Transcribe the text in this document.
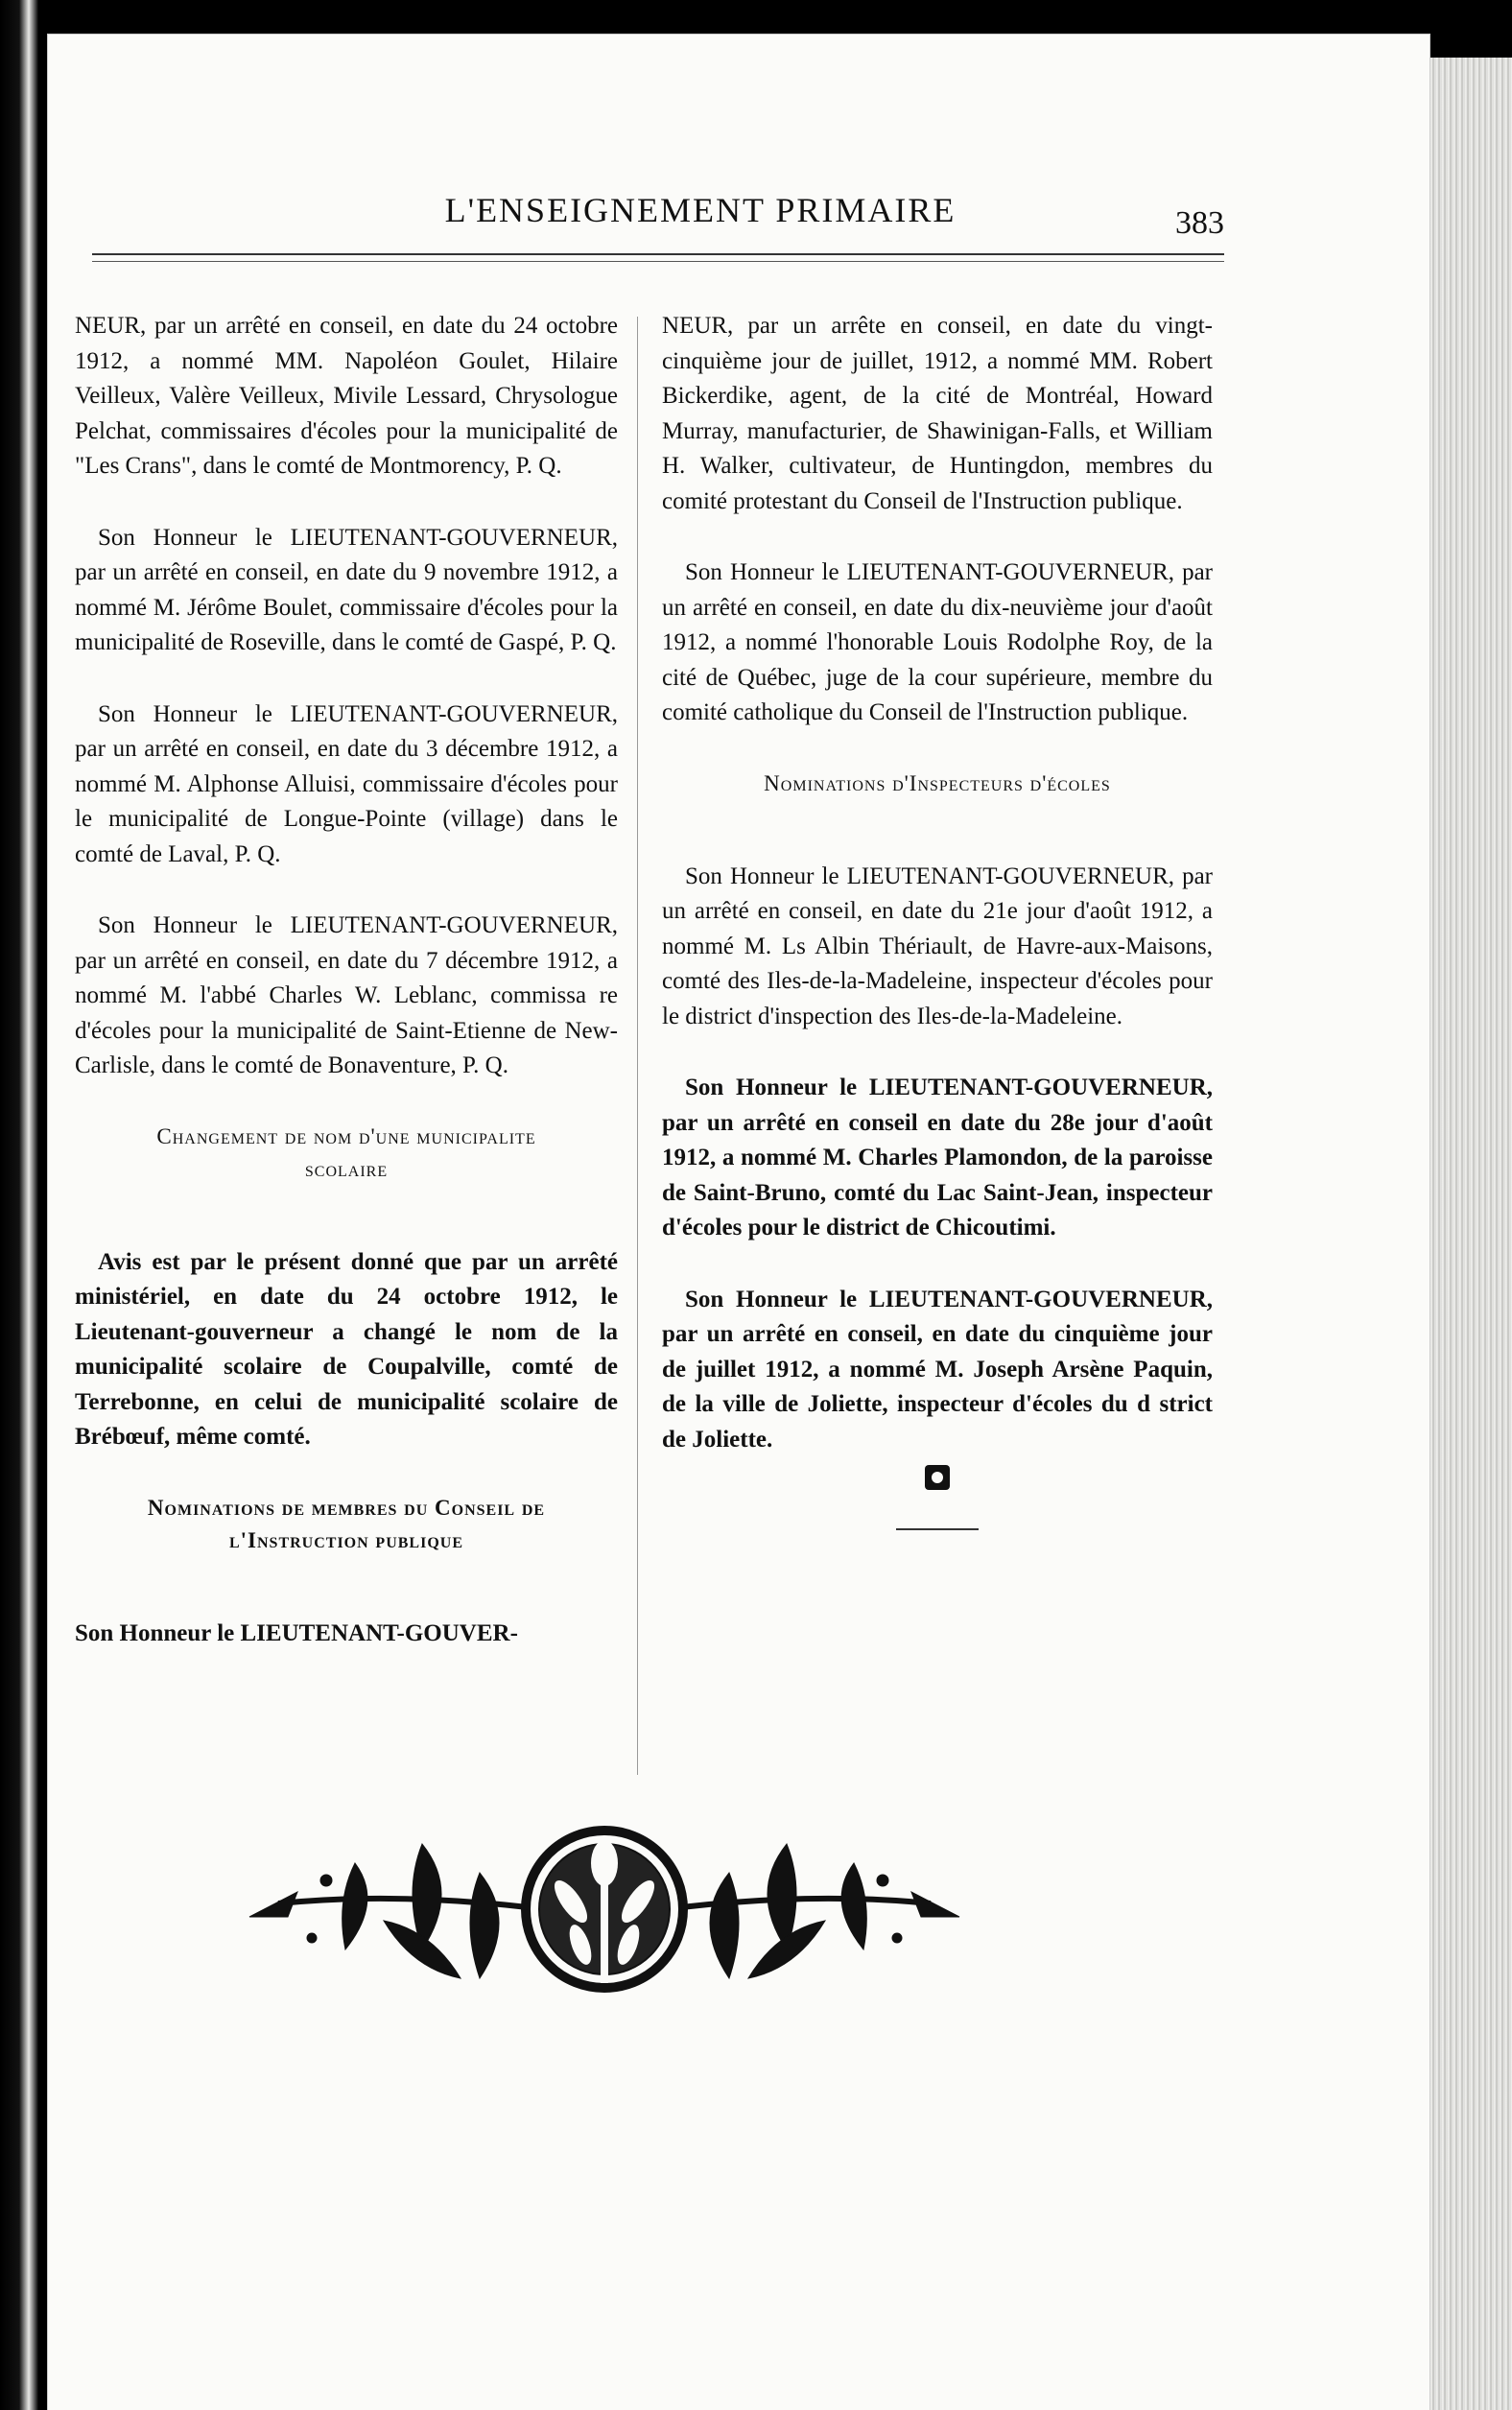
L'ENSEIGNEMENT PRIMAIRE	383

NEUR, par un arrêté en conseil, en date du 24 octobre 1912, a nommé MM. Napoléon Goulet, Hilaire Veilleux, Valère Veilleux, Mivile Lessard, Chrysologue Pelchat, commissaires d'écoles pour la municipalité de "Les Crans", dans le comté de Montmorency, P. Q.

Son Honneur le LIEUTENANT-GOUVERNEUR, par un arrêté en conseil, en date du 9 novembre 1912, a nommé M. Jérôme Boulet, commissaire d'écoles pour la municipalité de Roseville, dans le comté de Gaspé, P. Q.

Son Honneur le LIEUTENANT-GOUVERNEUR, par un arrêté en conseil, en date du 3 décembre 1912, a nommé M. Alphonse Alluisi, commissaire d'écoles pour le municipalité de Longue-Pointe (village) dans le comté de Laval, P. Q.

Son Honneur le LIEUTENANT-GOUVERNEUR, par un arrêté en conseil, en date du 7 décembre 1912, a nommé M. l'abbé Charles W. Leblanc, commissa re d'écoles pour la municipalité de Saint-Etienne de New-Carlisle, dans le comté de Bonaventure, P. Q.

Changement de nom d'une municipalite
scolaire

Avis est par le présent donné que par un arrêté ministériel, en date du 24 octobre 1912, le Lieutenant-gouverneur a changé le nom de la municipalité scolaire de Coupalville, comté de Terrebonne, en celui de municipalité scolaire de Brébœuf, même comté.

Nominations de membres du Conseil de
l'Instruction publique

Son Honneur le LIEUTENANT-GOUVER-

NEUR, par un arrête en conseil, en date du vingt-cinquième jour de juillet, 1912, a nommé MM. Robert Bickerdike, agent, de la cité de Montréal, Howard Murray, manufacturier, de Shawinigan-Falls, et William H. Walker, cultivateur, de Huntingdon, membres du comité protestant du Conseil de l'Instruction publique.

Son Honneur le LIEUTENANT-GOUVERNEUR, par un arrêté en conseil, en date du dix-neuvième jour d'août 1912, a nommé l'honorable Louis Rodolphe Roy, de la cité de Québec, juge de la cour supérieure, membre du comité catholique du Conseil de l'Instruction publique.

Nominations d'Inspecteurs d'écoles

Son Honneur le LIEUTENANT-GOUVERNEUR, par un arrêté en conseil, en date du 21e jour d'août 1912, a nommé M. Ls Albin Thériault, de Havre-aux-Maisons, comté des Iles-de-la-Madeleine, inspecteur d'écoles pour le district d'inspection des Iles-de-la-Madeleine.

Son Honneur le LIEUTENANT-GOUVERNEUR, par un arrêté en conseil en date du 28e jour d'août 1912, a nommé M. Charles Plamondon, de la paroisse de Saint-Bruno, comté du Lac Saint-Jean, inspecteur d'écoles pour le district de Chicoutimi.

Son Honneur le LIEUTENANT-GOUVERNEUR, par un arrêté en conseil, en date du cinquième jour de juillet 1912, a nommé M. Joseph Arsène Paquin, de la ville de Joliette, inspecteur d'écoles du d strict de Joliette.
